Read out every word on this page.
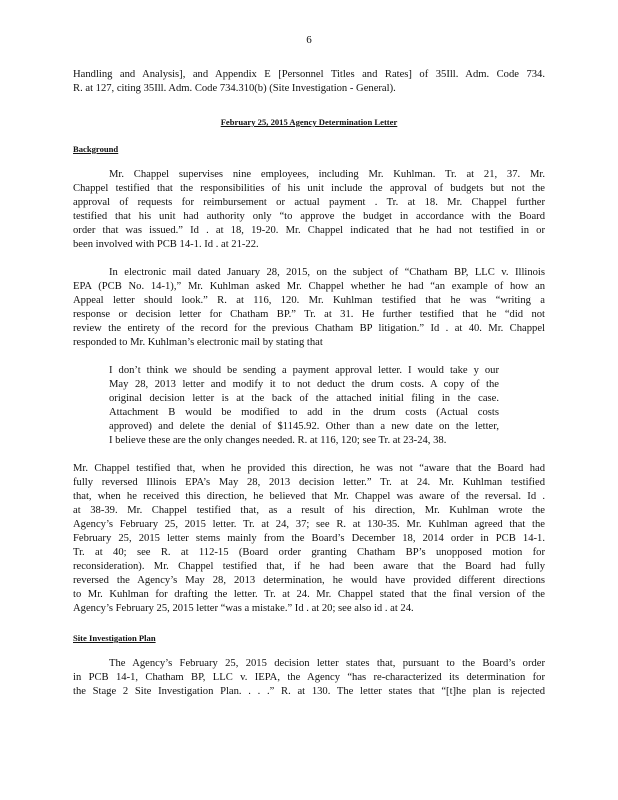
6
Handling and Analysis], and Appendix E [Personnel Titles and Rates] of 35Ill. Adm. Code 734.
R. at 127, citing 35Ill. Adm. Code 734.310(b) (Site Investigation - General).
February 25, 2015 Agency Determination Letter
Background
Mr. Chappel supervises nine employees, including Mr. Kuhlman. Tr. at 21, 37. Mr.
Chappel testified that the responsibilities of his unit include the approval of budgets but not the
approval of requests for reimbursement or actual payment . Tr. at 18. Mr. Chappel further
testified that his unit had authority only “to approve the budget in accordance with the Board
order that was issued.” Id . at 18, 19-20. Mr. Chappel indicated that he had not testified in or
been involved with PCB 14-1. Id . at 21-22.
In electronic mail dated January 28, 2015, on the subject of “Chatham BP, LLC v. Illinois
EPA (PCB No. 14-1),” Mr. Kuhlman asked Mr. Chappel whether he had “an example of how an
Appeal letter should look.” R. at 116, 120. Mr. Kuhlman testified that he was “writing a
response or decision letter for Chatham BP.” Tr. at 31. He further testified that he “did not
review the entirety of the record for the previous Chatham BP litigation.” Id . at 40. Mr. Chappel
responded to Mr. Kuhlman’s electronic mail by stating that
I don’t think we should be sending a payment approval letter. I would take y our
May 28, 2013 letter and modify it to not deduct the drum costs. A copy of the
original decision letter is at the back of the attached initial filing in the case.
Attachment B would be modified to add in the drum costs (Actual costs
approved) and delete the denial of $1145.92. Other than a new date on the letter,
I believe these are the only changes needed. R. at 116, 120; see Tr. at 23-24, 38.
Mr. Chappel testified that, when he provided this direction, he was not “aware that the Board had
fully reversed Illinois EPA’s May 28, 2013 decision letter.” Tr. at 24. Mr. Kuhlman testified
that, when he received this direction, he believed that Mr. Chappel was aware of the reversal. Id .
at 38-39. Mr. Chappel testified that, as a result of his direction, Mr. Kuhlman wrote the
Agency’s February 25, 2015 letter. Tr. at 24, 37; see R. at 130-35. Mr. Kuhlman agreed that the
February 25, 2015 letter stems mainly from the Board’s December 18, 2014 order in PCB 14-1.
Tr. at 40; see R. at 112-15 (Board order granting Chatham BP’s unopposed motion for
reconsideration). Mr. Chappel testified that, if he had been aware that the Board had fully
reversed the Agency’s May 28, 2013 determination, he would have provided different directions
to Mr. Kuhlman for drafting the letter. Tr. at 24. Mr. Chappel stated that the final version of the
Agency’s February 25, 2015 letter “was a mistake.” Id . at 20; see also id . at 24.
Site Investigation Plan
The Agency’s February 25, 2015 decision letter states that, pursuant to the Board’s order
in PCB 14-1, Chatham BP, LLC v. IEPA, the Agency “has re-characterized its determination for
the Stage 2 Site Investigation Plan. . . .” R. at 130. The letter states that “[t]he plan is rejected
